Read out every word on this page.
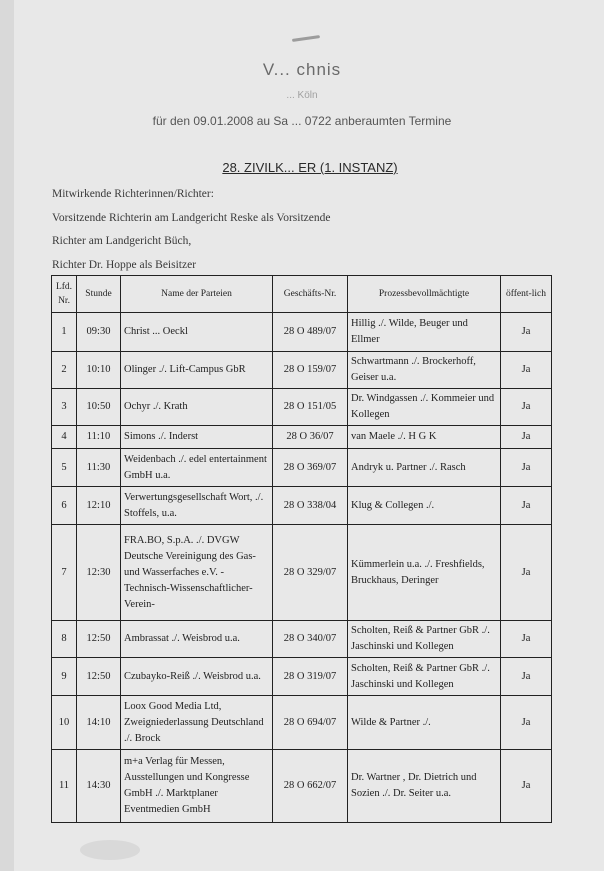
V... chnis
... Köln
für den 09.01.2008 au Sa ... 0722 anberaumten Termine
28. ZIVILK... ER (1. INSTANZ)
Mitwirkende Richterinnen/Richter:
Vorsitzende Richterin am Landgericht Reske als Vorsitzende
Richter am Landgericht Büch,
Richter Dr. Hoppe als Beisitzer
Lfd. Nr.	Stunde	Name der Parteien	Geschäfts-Nr.	Prozessbevollmächtigte	öffent-lich
1	09:30	Christ ... Oeckl	28 O 489/07	Hillig ./. Wilde, Beuger und Ellmer	Ja
2	10:10	Olinger ./. Lift-Campus GbR	28 O 159/07	Schwartmann ./. Brockerhoff, Geiser u.a.	Ja
3	10:50	Ochyr ./. Krath	28 O 151/05	Dr. Windgassen ./. Kommeier und Kollegen	Ja
4	11:10	Simons ./. Inderst	28 O 36/07	van Maele ./. H G K	Ja
5	11:30	Weidenbach ./. edel entertainment GmbH u.a.	28 O 369/07	Andryk u. Partner ./. Rasch	Ja
6	12:10	Verwertungsgesellschaft Wort, ./. Stoffels, u.a.	28 O 338/04	Klug & Collegen ./.	Ja
7	12:30	FRA.BO, S.p.A. ./. DVGW Deutsche Vereinigung des Gas- und Wasserfaches e.V. - Technisch-Wissenschaftlicher-Verein-	28 O 329/07	Kümmerlein u.a. ./. Freshfields, Bruckhaus, Deringer	Ja
8	12:50	Ambrassat ./. Weisbrod u.a.	28 O 340/07	Scholten, Reiß & Partner GbR ./. Jaschinski und Kollegen	Ja
9	12:50	Czubayko-Reiß ./. Weisbrod u.a.	28 O 319/07	Scholten, Reiß & Partner GbR ./. Jaschinski und Kollegen	Ja
10	14:10	Loox Good Media Ltd, Zweigniederlassung Deutschland ./. Brock	28 O 694/07	Wilde & Partner ./.	Ja
11	14:30	m+a Verlag für Messen, Ausstellungen und Kongresse GmbH ./. Marktplaner Eventmedien GmbH	28 O 662/07	Dr. Wartner , Dr. Dietrich und Sozien ./. Dr. Seiter u.a.	Ja
